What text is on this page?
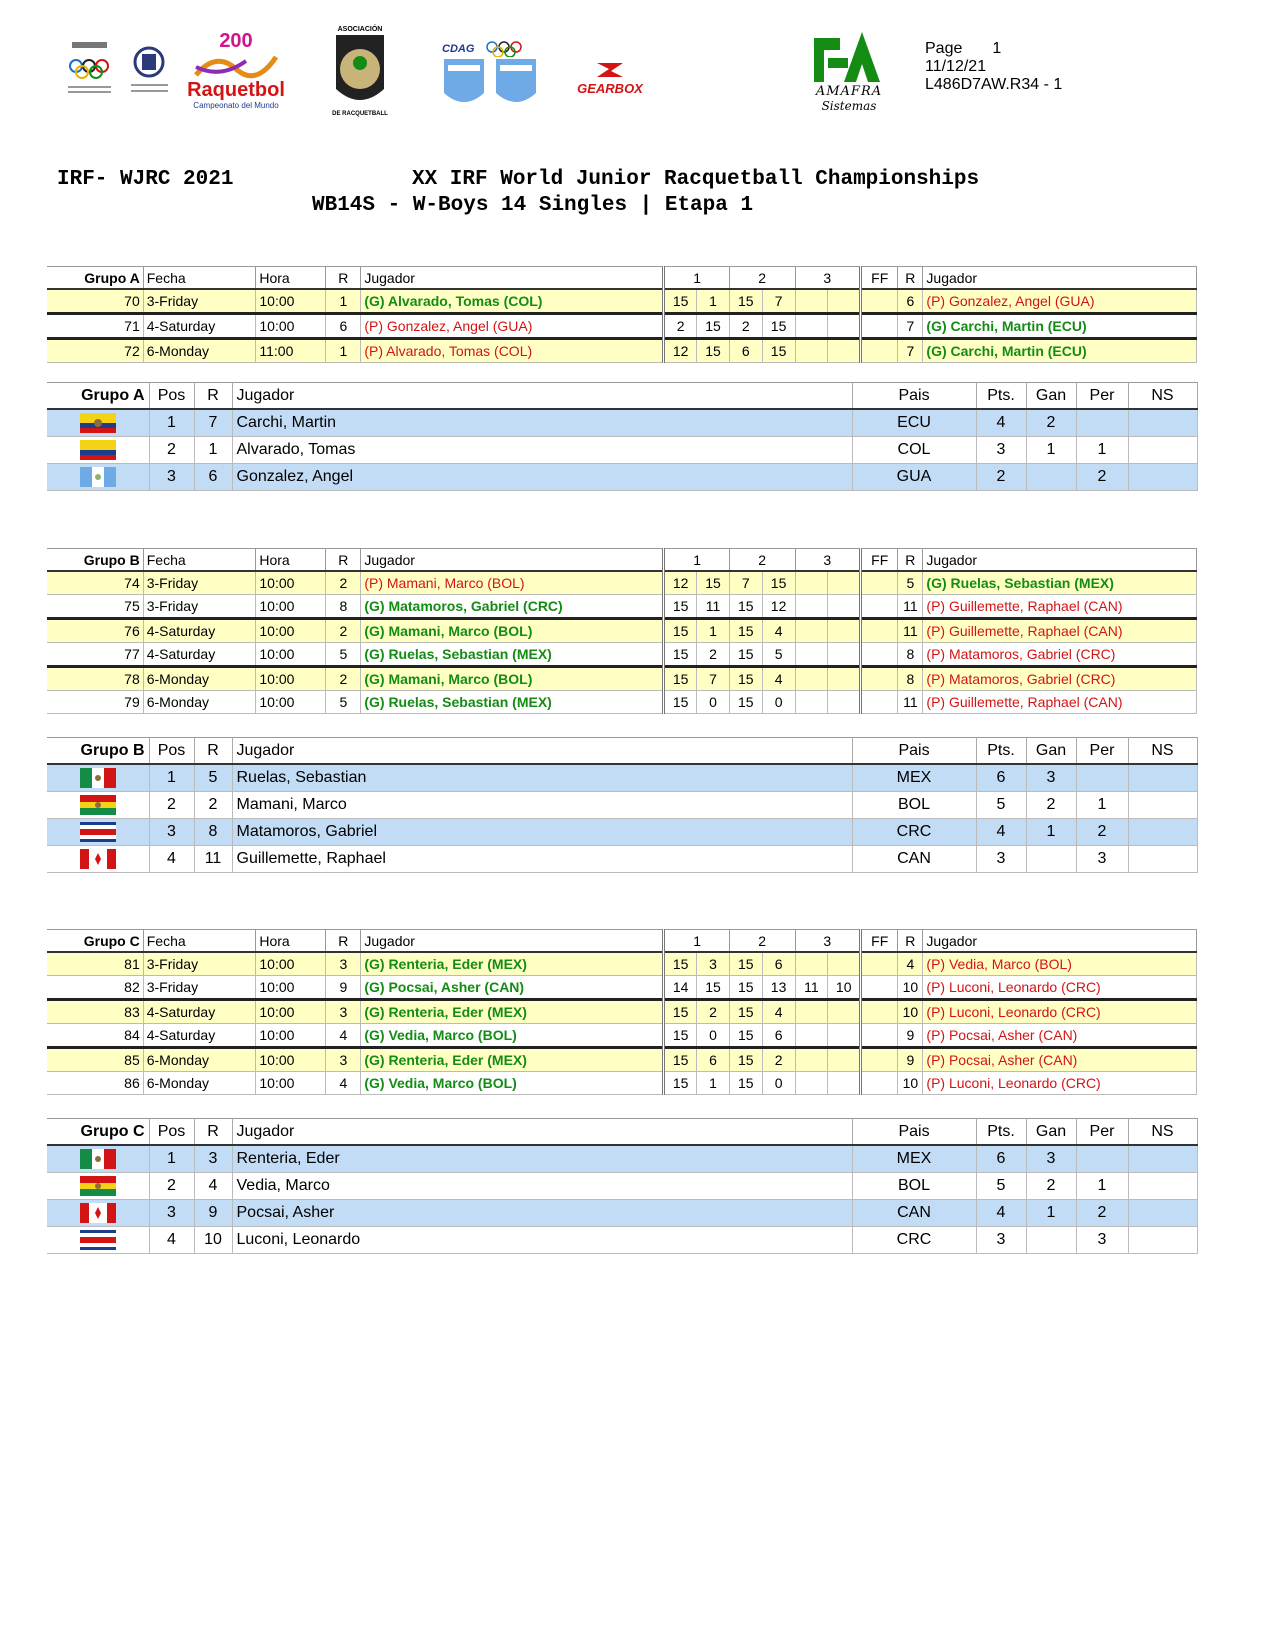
200
Raquetbol
Campeonato del Mundo
ASOCIACIÓN
DE RACQUETBALL
CDAG
GEARBOX	AMAFRA
Sistemas
Page 1
11/12/21
L486D7AW.R34 - 1
IRF- WJRC 2021	XX IRF World Junior Racquetball Championships
WB14S - W-Boys 14 Singles | Etapa 1
Grupo A	Fecha	Hora	R	Jugador	1		2		3		FF	R	Jugador
70	3-Friday	10:00	1	(G) Alvarado, Tomas (COL)	15	1	15	7				6	(P) Gonzalez, Angel (GUA)
71	4-Saturday	10:00	6	(P) Gonzalez, Angel (GUA)	2	15	2	15				7	(G) Carchi, Martin (ECU)
72	6-Monday	11:00	1	(P) Alvarado, Tomas (COL)	12	15	6	15				7	(G) Carchi, Martin (ECU)
Grupo A	Pos	R	Jugador	Pais	Pts.	Gan	Per	NS
	1	7	Carchi, Martin	ECU	4	2		
	2	1	Alvarado, Tomas	COL	3	1	1	
	3	6	Gonzalez, Angel	GUA	2		2	
Grupo B	Fecha	Hora	R	Jugador	1		2		3		FF	R	Jugador
74	3-Friday	10:00	2	(P) Mamani, Marco (BOL)	12	15	7	15				5	(G) Ruelas, Sebastian (MEX)
75	3-Friday	10:00	8	(G) Matamoros, Gabriel (CRC)	15	11	15	12				11	(P) Guillemette, Raphael (CAN)
76	4-Saturday	10:00	2	(G) Mamani, Marco (BOL)	15	1	15	4				11	(P) Guillemette, Raphael (CAN)
77	4-Saturday	10:00	5	(G) Ruelas, Sebastian (MEX)	15	2	15	5				8	(P) Matamoros, Gabriel (CRC)
78	6-Monday	10:00	2	(G) Mamani, Marco (BOL)	15	7	15	4				8	(P) Matamoros, Gabriel (CRC)
79	6-Monday	10:00	5	(G) Ruelas, Sebastian (MEX)	15	0	15	0				11	(P) Guillemette, Raphael (CAN)
Grupo B	Pos	R	Jugador	Pais	Pts.	Gan	Per	NS
	1	5	Ruelas, Sebastian	MEX	6	3		
	2	2	Mamani, Marco	BOL	5	2	1	
	3	8	Matamoros, Gabriel	CRC	4	1	2	
	4	11	Guillemette, Raphael	CAN	3		3	
Grupo C	Fecha	Hora	R	Jugador	1		2		3		FF	R	Jugador
81	3-Friday	10:00	3	(G) Renteria, Eder (MEX)	15	3	15	6				4	(P) Vedia, Marco (BOL)
82	3-Friday	10:00	9	(G) Pocsai, Asher (CAN)	14	15	15	13	11	10		10	(P) Luconi, Leonardo (CRC)
83	4-Saturday	10:00	3	(G) Renteria, Eder (MEX)	15	2	15	4				10	(P) Luconi, Leonardo (CRC)
84	4-Saturday	10:00	4	(G) Vedia, Marco (BOL)	15	0	15	6				9	(P) Pocsai, Asher (CAN)
85	6-Monday	10:00	3	(G) Renteria, Eder (MEX)	15	6	15	2				9	(P) Pocsai, Asher (CAN)
86	6-Monday	10:00	4	(G) Vedia, Marco (BOL)	15	1	15	0				10	(P) Luconi, Leonardo (CRC)
Grupo C	Pos	R	Jugador	Pais	Pts.	Gan	Per	NS
	1	3	Renteria, Eder	MEX	6	3		
	2	4	Vedia, Marco	BOL	5	2	1	
	3	9	Pocsai, Asher	CAN	4	1	2	
	4	10	Luconi, Leonardo	CRC	3		3	
